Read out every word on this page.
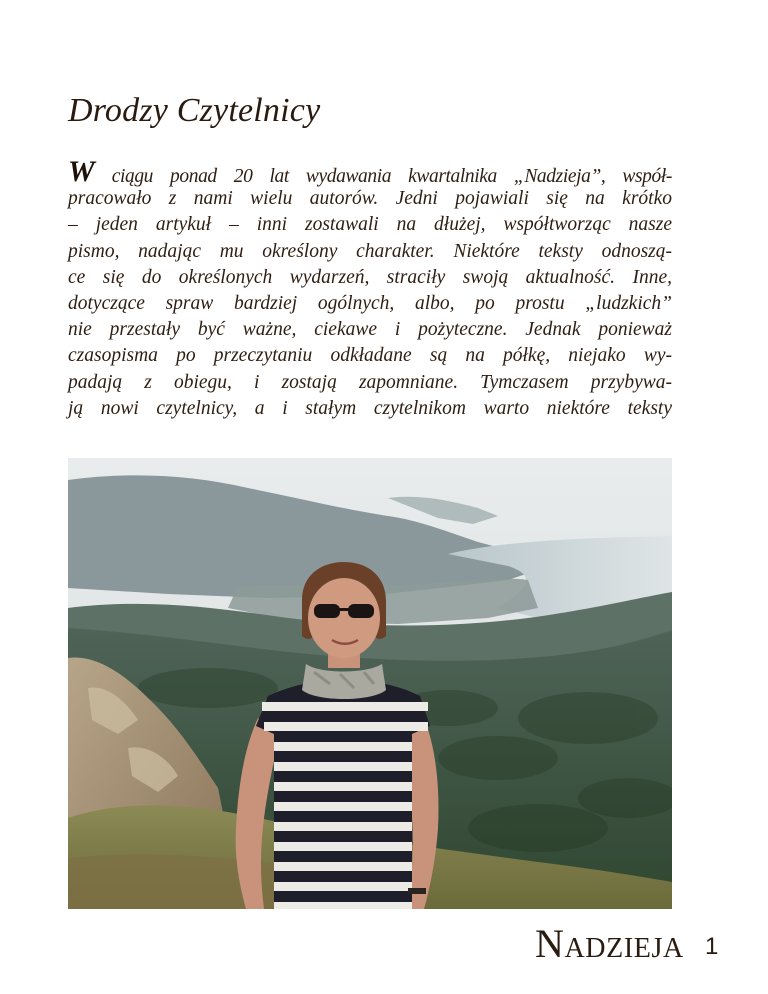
Drodzy Czytelnicy
W ciągu ponad 20 lat wydawania kwartalnika „Nadzieja”, współ-
pracowało z nami wielu autorów. Jedni pojawiali się na krótko
– jeden artykuł – inni zostawali na dłużej, współtworząc nasze
pismo, nadając mu określony charakter. Niektóre teksty odnoszą-
ce się do określonych wydarzeń, straciły swoją aktualność. Inne,
dotyczące spraw bardziej ogólnych, albo, po prostu „ludzkich”
nie przestały być ważne, ciekawe i pożyteczne. Jednak ponieważ
czasopisma po przeczytaniu odkładane są na półkę, niejako wy-
padają z obiegu, i zostają zapomniane. Tymczasem przybywa-
ją nowi czytelnicy, a i stałym czytelnikom warto niektóre teksty
Nadzieja 1
